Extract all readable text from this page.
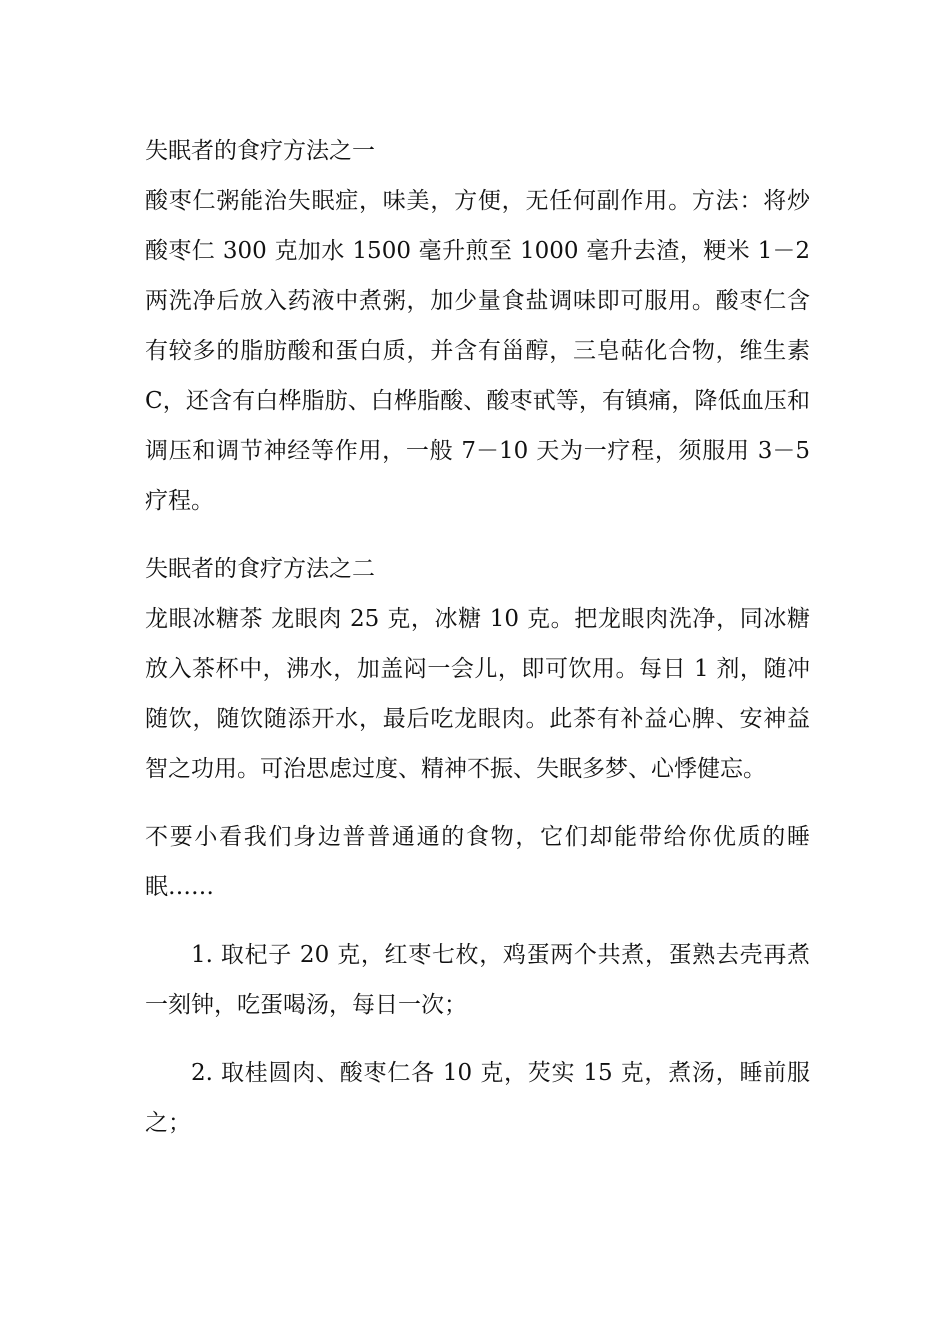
失眠者的食疗方法之一
酸枣仁粥能治失眠症，味美，方便，无任何副作用。方法：将炒酸枣仁 300 克加水 1500 毫升煎至 1000 毫升去渣，粳米 1－2 两洗净后放入药液中煮粥，加少量食盐调味即可服用。酸枣仁含有较多的脂肪酸和蛋白质，并含有甾醇，三皂萜化合物，维生素 C，还含有白桦脂肪、白桦脂酸、酸枣甙等，有镇痛，降低血压和调压和调节神经等作用，一般 7－10 天为一疗程，须服用 3－5 疗程。
失眠者的食疗方法之二
龙眼冰糖茶 龙眼肉 25 克，冰糖 10 克。把龙眼肉洗净，同冰糖放入茶杯中，沸水，加盖闷一会儿，即可饮用。每日 1 剂，随冲随饮，随饮随添开水，最后吃龙眼肉。此茶有补益心脾、安神益智之功用。可治思虑过度、精神不振、失眠多梦、心悸健忘。
不要小看我们身边普普通通的食物，它们却能带给你优质的睡眠……
1. 取杞子 20 克，红枣七枚，鸡蛋两个共煮，蛋熟去壳再煮一刻钟，吃蛋喝汤，每日一次；
2. 取桂圆肉、酸枣仁各 10 克，芡实 15 克，煮汤，睡前服之；
